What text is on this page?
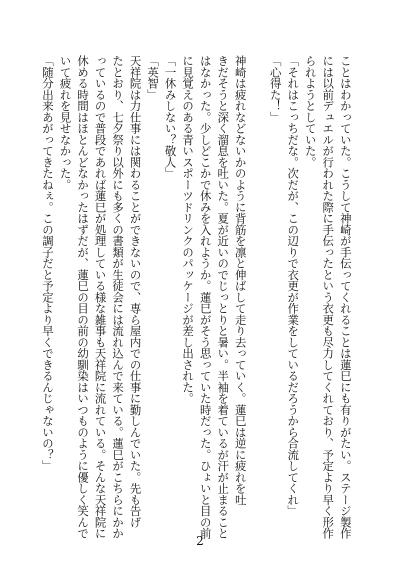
ことはわかっていた。こうして神崎が手伝ってくれることは蓮巳にも有りがたい。ステージ製作
には以前デュエルが行われた際に手伝ったという衣更も尽力してくれており、予定より早く形作
られようとしていた。
「それはこっちだな。次だが、この辺りで衣更が作業をしているだろうから合流してくれ」
「心得た！」
神崎は疲れなどないかのように背筋を凛と伸ばして走り去っていく。蓮巳は逆に疲れを吐
きだそうと深く溜息を吐いた。夏が近いのでじっとりと暑い。半袖を着ているが汗が止まること
はなかった。少しどこかで休みを入れようか。蓮巳がそう思っていた時だった。ひょいと目の前
に見覚えのある青いスポーツドリンクのパッケージが差し出された。
「一休みしない？敬人」
「英智」
天祥院は力仕事には関わることができないので、専ら屋内での仕事に勤しんでいた。先も告げ
たとおり、七夕祭り以外にも多くの書類が生徒会には流れ込んで来ている。蓮巳がこちらにかか
っているので普段であれば蓮巳が処理している様な雑事も天祥院に流れている。そんな天祥院に
休める時間はほとんどなかったはずだが、蓮巳の目の前の幼馴染はいつものように優しく笑んで
いて疲れを見せなかった。
「随分出来あがってきたねぇ。この調子だと予定より早くできるんじゃないの？」
2
